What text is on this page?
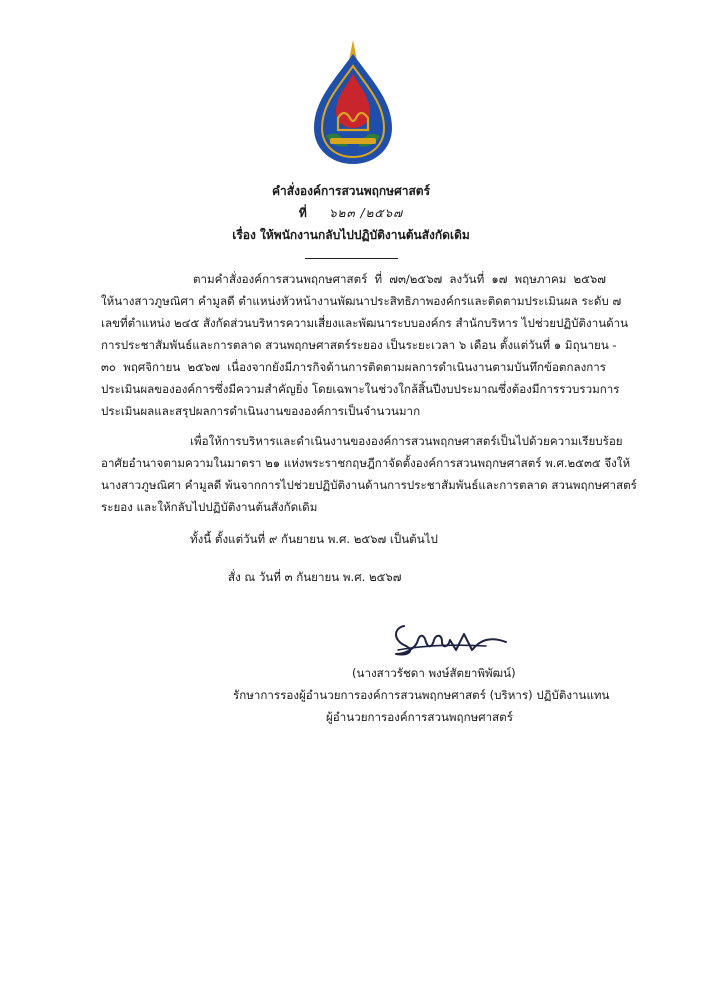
คำสั่งองค์การสวนพฤกษศาสตร์
ที่ ๖๒๓ /๒๕๖๗
เรื่อง ให้พนักงานกลับไปปฏิบัติงานต้นสังกัดเดิม
ตามคำสั่งองค์การสวนพฤกษศาสตร์ ที่ ๗๓/๒๕๖๗ ลงวันที่ ๑๗ พฤษภาคม ๒๕๖๗
ให้นางสาวภูษณิศา คำมูลดี ตำแหน่งหัวหน้างานพัฒนาประสิทธิภาพองค์กรและติดตามประเมินผล ระดับ ๗
เลขที่ตำแหน่ง ๒๔๕ สังกัดส่วนบริหารความเสี่ยงและพัฒนาระบบองค์กร สำนักบริหาร ไปช่วยปฏิบัติงานด้าน
การประชาสัมพันธ์และการตลาด สวนพฤกษศาสตร์ระยอง เป็นระยะเวลา ๖ เดือน ตั้งแต่วันที่ ๑ มิถุนายน -
๓๐ พฤศจิกายน ๒๕๖๗ เนื่องจากยังมีภารกิจด้านการติดตามผลการดำเนินงานตามบันทึกข้อตกลงการ
ประเมินผลขององค์การซึ่งมีความสำคัญยิ่ง โดยเฉพาะในช่วงใกล้สิ้นปีงบประมาณซึ่งต้องมีการรวบรวมการ
ประเมินผลและสรุปผลการดำเนินงานขององค์การเป็นจำนวนมาก
เพื่อให้การบริหารและดำเนินงานขององค์การสวนพฤกษศาสตร์เป็นไปด้วยความเรียบร้อย
อาศัยอำนาจตามความในมาตรา ๒๑ แห่งพระราชกฤษฎีกาจัดตั้งองค์การสวนพฤกษศาสตร์ พ.ศ.๒๕๓๕ จึงให้
นางสาวภูษณิศา คำมูลดี พ้นจากการไปช่วยปฏิบัติงานด้านการประชาสัมพันธ์และการตลาด สวนพฤกษศาสตร์
ระยอง และให้กลับไปปฏิบัติงานต้นสังกัดเดิม
ทั้งนี้ ตั้งแต่วันที่ ๙ กันยายน พ.ศ. ๒๕๖๗ เป็นต้นไป
สั่ง ณ วันที่ ๓ กันยายน พ.ศ. ๒๕๖๗
(นางสาวรัชดา พงษ์สัตยาพิพัฒน์)
รักษาการรองผู้อำนวยการองค์การสวนพฤกษศาสตร์ (บริหาร) ปฏิบัติงานแทน
ผู้อำนวยการองค์การสวนพฤกษศาสตร์
